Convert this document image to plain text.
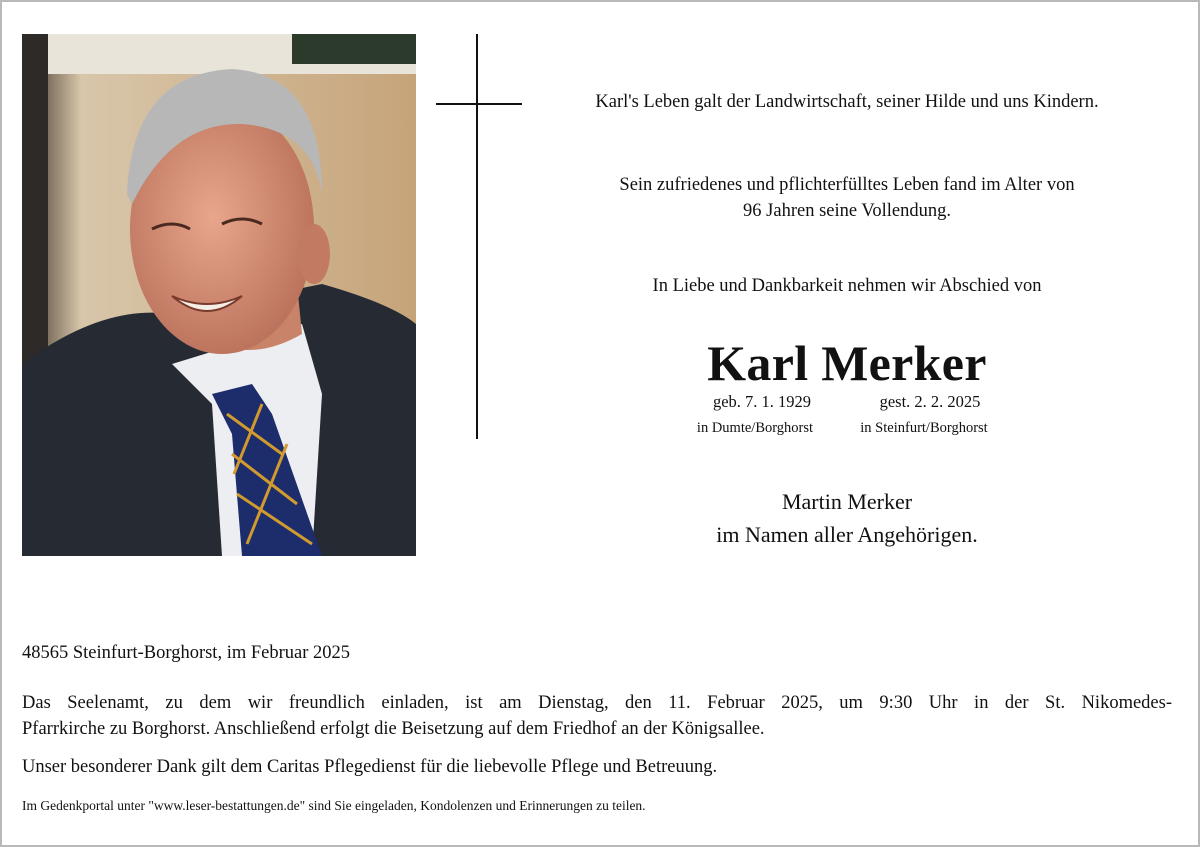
Karl's Leben galt der Landwirtschaft, seiner Hilde und uns Kindern.
Sein zufriedenes und pflichterfülltes Leben fand im Alter von
96 Jahren seine Vollendung.
In Liebe und Dankbarkeit nehmen wir Abschied von
Karl Merker
geb. 7. 1. 1929	gest. 2. 2. 2025
in Dumte/Borghorst	in Steinfurt/Borghorst
Martin Merker
im Namen aller Angehörigen.
48565 Steinfurt-Borghorst, im Februar 2025
Das Seelenamt, zu dem wir freundlich einladen, ist am Dienstag, den 11. Februar 2025, um 9:30 Uhr in der St. Nikomedes-
Pfarrkirche zu Borghorst. Anschließend erfolgt die Beisetzung auf dem Friedhof an der Königsallee.
Unser besonderer Dank gilt dem Caritas Pflegedienst für die liebevolle Pflege und Betreuung.
Im Gedenkportal unter "www.leser-bestattungen.de" sind Sie eingeladen, Kondolenzen und Erinnerungen zu teilen.
